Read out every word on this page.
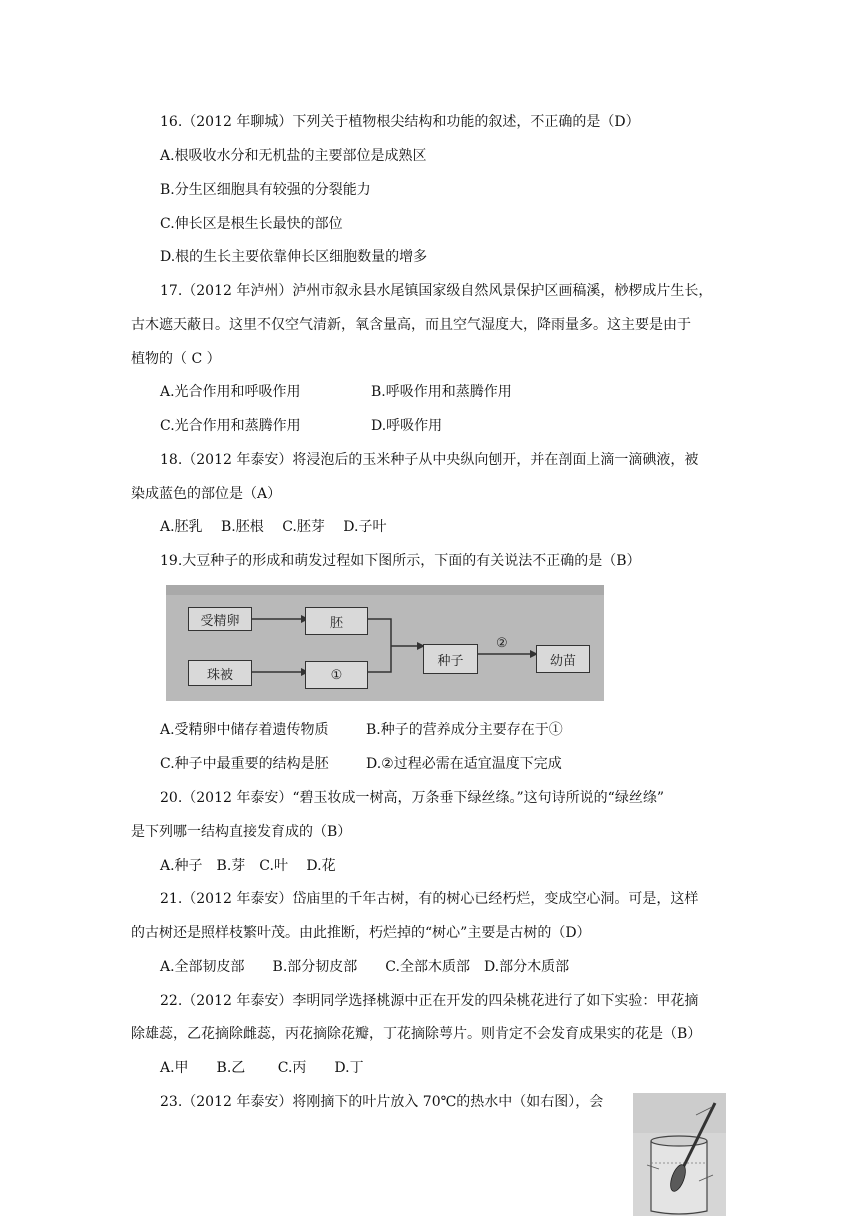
16.（2012 年聊城）下列关于植物根尖结构和功能的叙述，不正确的是（D）
A.根吸收水分和无机盐的主要部位是成熟区
B.分生区细胞具有较强的分裂能力
C.伸长区是根生长最快的部位
D.根的生长主要依靠伸长区细胞数量的增多
17.（2012 年泸州）泸州市叙永县水尾镇国家级自然风景保护区画稿溪，桫椤成片生长，
古木遮天蔽日。这里不仅空气清新，氧含量高，而且空气湿度大，降雨量多。这主要是由于
植物的（ C ）
A.光合作用和呼吸作用	B.呼吸作用和蒸腾作用
C.光合作用和蒸腾作用	D.呼吸作用
18.（2012 年泰安）将浸泡后的玉米种子从中央纵向刨开，并在剖面上滴一滴碘液，被
染成蓝色的部位是（A）
A.胚乳　 B.胚根　 C.胚芽　 D.子叶
19.大豆种子的形成和萌发过程如下图所示，下面的有关说法不正确的是（B）
受精卵	胚
珠被	①
种子	幼苗
②
A.受精卵中储存着遗传物质	B.种子的营养成分主要存在于①
C.种子中最重要的结构是胚	D.②过程必需在适宜温度下完成
20.（2012 年泰安）“碧玉妆成一树高，万条垂下绿丝绦。”这句诗所说的“绿丝绦”
是下列哪一结构直接发育成的（B）
A.种子　B.芽　C.叶　 D.花
21.（2012 年泰安）岱庙里的千年古树，有的树心已经朽烂，变成空心洞。可是，这样
的古树还是照样枝繁叶茂。由此推断，朽烂掉的“树心”主要是古树的（D）
A.全部韧皮部　　B.部分韧皮部　　C.全部木质部　D.部分木质部
22.（2012 年泰安）李明同学选择桃源中正在开发的四朵桃花进行了如下实验：甲花摘
除雄蕊，乙花摘除雌蕊，丙花摘除花瓣，丁花摘除萼片。则肯定不会发育成果实的花是（B）
A.甲　　B.乙　　 C.丙　　D.丁
23.（2012 年泰安）将刚摘下的叶片放入 70℃的热水中（如右图），会
